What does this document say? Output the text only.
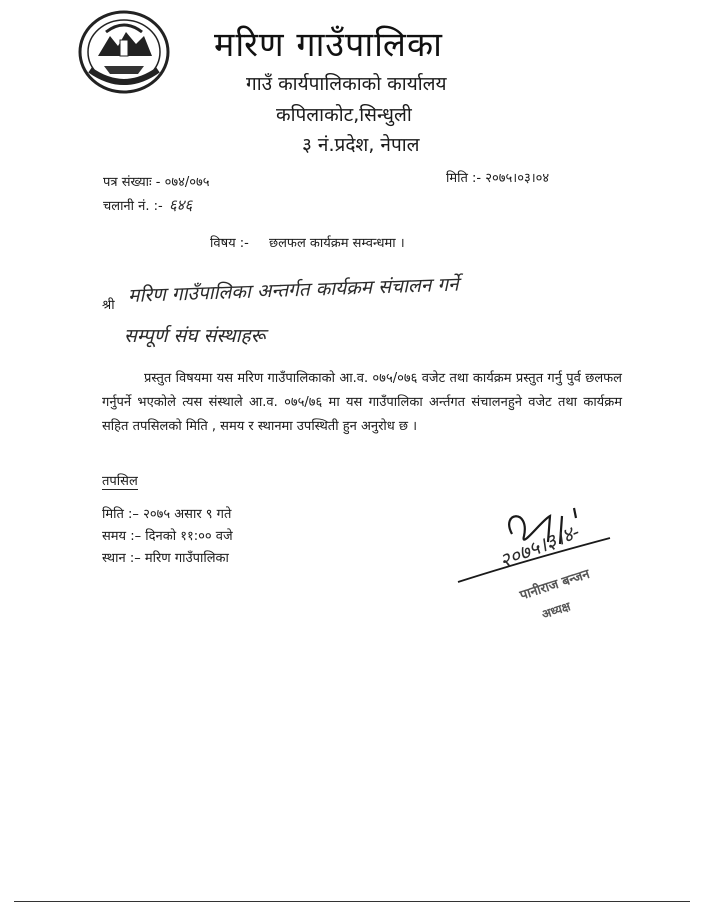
मरिण गाउँपालिका
गाउँ कार्यपालिकाको कार्यालय
कपिलाकोट,सिन्धुली
३ नं.प्रदेश, नेपाल
पत्र संख्याः - ०७४/०७५	मिति :- २०७५।०३।०४
चलानी नं. :- ६४६
विषय :- छलफल कार्यक्रम सम्वन्धमा ।
श्री मरिण गाउँपालिका अन्तर्गत कार्यक्रम संचालन गर्ने
सम्पूर्ण संघ संस्थाहरू
प्रस्तुत विषयमा यस मरिण गाउँपालिकाको आ.व. ०७५/०७६ वजेट तथा कार्यक्रम प्रस्तुत गर्नु पुर्व छलफल गर्नुपर्ने भएकोले त्यस संस्थाले आ.व. ०७५/७६ मा यस गाउँपालिका अर्न्तगत संचालनहुने वजेट तथा कार्यक्रम सहित तपसिलको मिति , समय र स्थानमा उपस्थिती हुन अनुरोध छ ।
तपसिल
मिति :– २०७५ असार ९ गते
समय :– दिनको ११:०० वजे
स्थान :– मरिण गाउँपालिका	२०७५।३।४-
पानीराज बन्जन
अध्यक्ष
